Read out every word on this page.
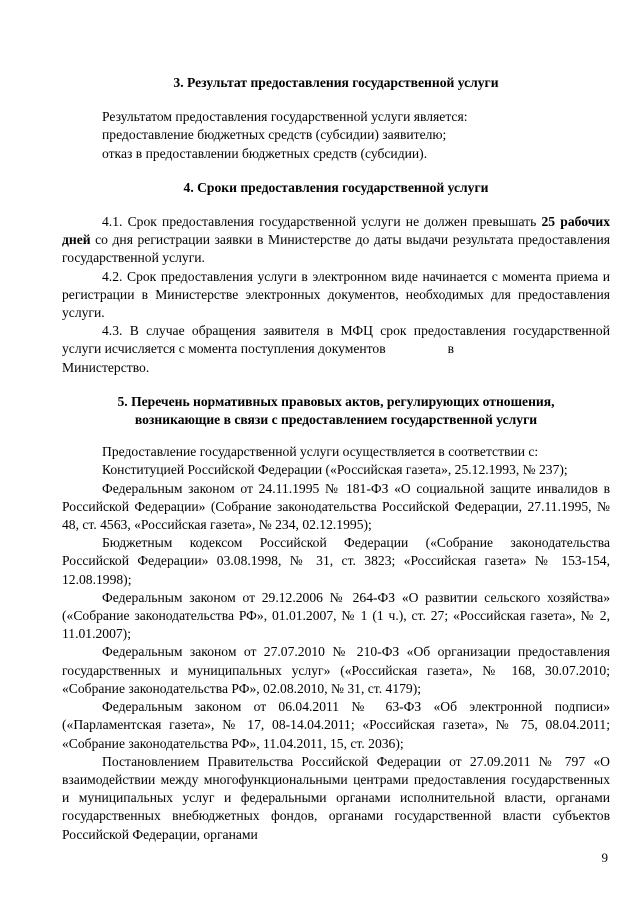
3. Результат предоставления государственной услуги

Результатом предоставления государственной услуги является:

предоставление бюджетных средств (субсидии) заявителю;

отказ в предоставлении бюджетных средств (субсидии).

4. Сроки предоставления государственной услуги

4.1. Срок предоставления государственной услуги не должен превышать 25 рабочих дней со дня регистрации заявки в Министерстве до даты выдачи результата предоставления государственной услуги.

4.2. Срок предоставления услуги в электронном виде начинается с момента приема и регистрации в Министерстве электронных документов, необходимых для предоставления услуги.

4.3. В случае обращения заявителя в МФЦ срок предоставления государственной услуги исчисляется с момента поступления документов	в
Министерство.

5. Перечень нормативных правовых актов, регулирующих отношения,
возникающие в связи с предоставлением государственной услуги

Предоставление государственной услуги осуществляется в соответствии с:

Конституцией Российской Федерации («Российская газета», 25.12.1993, № 237);

Федеральным законом от 24.11.1995 № 181-ФЗ «О социальной защите инвалидов в Российской Федерации» (Собрание законодательства Российской Федерации, 27.11.1995, № 48, ст. 4563, «Российская газета», № 234, 02.12.1995);

Бюджетным кодексом Российской Федерации («Собрание законодательства Российской Федерации» 03.08.1998, № 31, ст. 3823; «Российская газета» № 153-154, 12.08.1998);

Федеральным законом от 29.12.2006 № 264-ФЗ «О развитии сельского хозяйства» («Собрание законодательства РФ», 01.01.2007, № 1 (1 ч.), ст. 27; «Российская газета», № 2, 11.01.2007);

Федеральным законом от 27.07.2010 № 210-ФЗ «Об организации предоставления государственных и муниципальных услуг» («Российская газета», № 168, 30.07.2010; «Собрание законодательства РФ», 02.08.2010, № 31, ст. 4179);

Федеральным законом от 06.04.2011 № 63-ФЗ «Об электронной подписи» («Парламентская газета», № 17, 08-14.04.2011; «Российская газета», № 75, 08.04.2011; «Собрание законодательства РФ», 11.04.2011, 15, ст. 2036);

Постановлением Правительства Российской Федерации от 27.09.2011 № 797 «О взаимодействии между многофункциональными центрами предоставления государственных и муниципальных услуг и федеральными органами исполнительной власти, органами государственных внебюджетных фондов, органами государственной власти субъектов Российской Федерации, органами

9
